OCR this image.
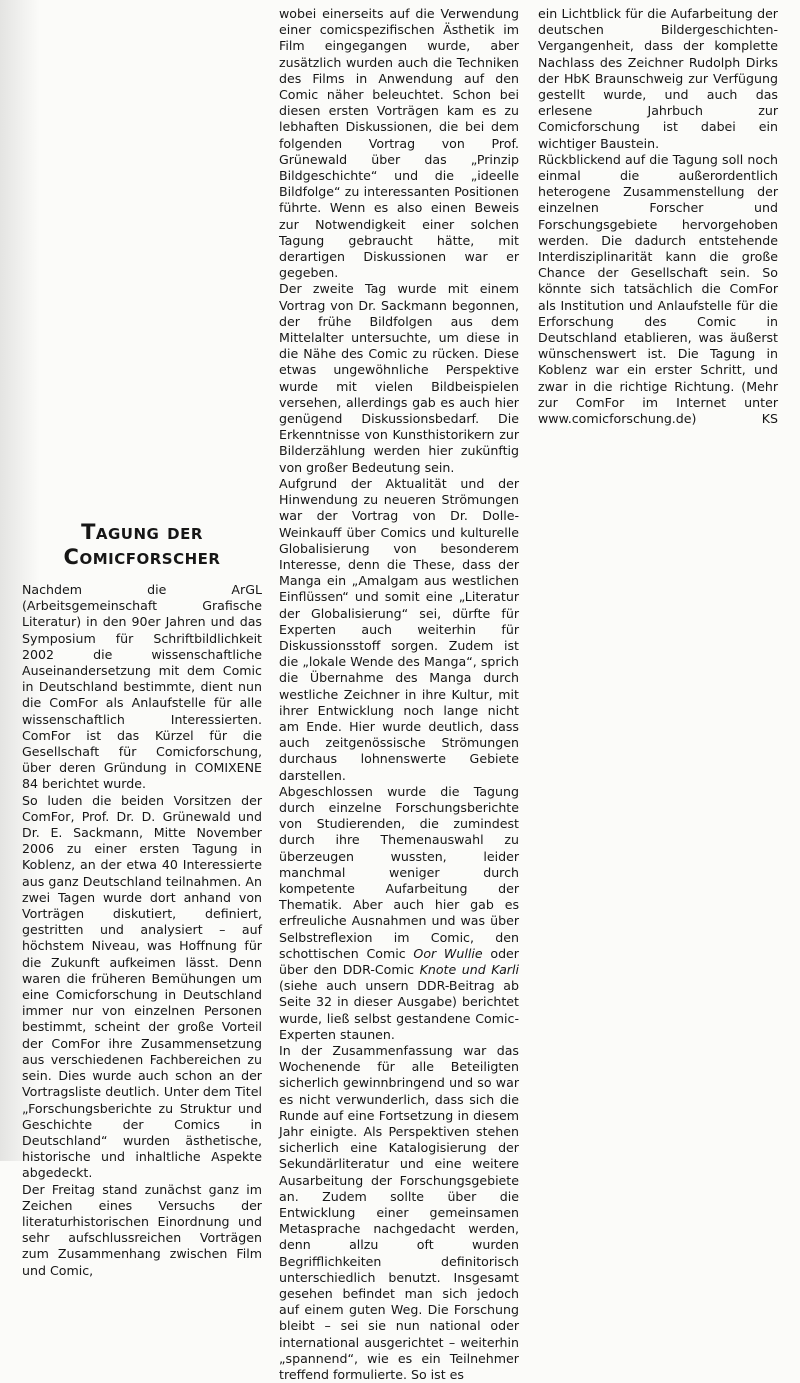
Tagung der
Comicforscher

Nachdem die ArGL (Arbeitsgemeinschaft Grafische Literatur) in den 90er Jahren und das Symposium für Schriftbildlichkeit 2002 die wissenschaftliche Auseinandersetzung mit dem Comic in Deutschland bestimmte, dient nun die ComFor als Anlaufstelle für alle wissenschaftlich Interessierten. ComFor ist das Kürzel für die Gesellschaft für Comicforschung, über deren Gründung in COMIXENE 84 berichtet wurde.

So luden die beiden Vorsitzen der ComFor, Prof. Dr. D. Grünewald und Dr. E. Sackmann, Mitte November 2006 zu einer ersten Tagung in Koblenz, an der etwa 40 Interessierte aus ganz Deutschland teilnahmen. An zwei Tagen wurde dort anhand von Vorträgen diskutiert, definiert, gestritten und analysiert – auf höchstem Niveau, was Hoffnung für die Zukunft aufkeimen lässt. Denn waren die früheren Bemühungen um eine Comicforschung in Deutschland immer nur von einzelnen Personen bestimmt, scheint der große Vorteil der ComFor ihre Zusammensetzung aus verschiedenen Fachbereichen zu sein. Dies wurde auch schon an der Vortragsliste deutlich. Unter dem Titel „Forschungsberichte zu Struktur und Geschichte der Comics in Deutschland“ wurden ästhetische, historische und inhaltliche Aspekte abgedeckt.

Der Freitag stand zunächst ganz im Zeichen eines Versuchs der literaturhistorischen Einordnung und sehr aufschlussreichen Vorträgen zum Zusammenhang zwischen Film und Comic,

wobei einerseits auf die Verwendung einer comicspezifischen Ästhetik im Film eingegangen wurde, aber zusätzlich wurden auch die Techniken des Films in Anwendung auf den Comic näher beleuchtet. Schon bei diesen ersten Vorträgen kam es zu lebhaften Diskussionen, die bei dem folgenden Vortrag von Prof. Grünewald über das „Prinzip Bildgeschichte“ und die „ideelle Bildfolge“ zu interessanten Positionen führte. Wenn es also einen Beweis zur Notwendigkeit einer solchen Tagung gebraucht hätte, mit derartigen Diskussionen war er gegeben.

Der zweite Tag wurde mit einem Vortrag von Dr. Sackmann begonnen, der frühe Bildfolgen aus dem Mittelalter untersuchte, um diese in die Nähe des Comic zu rücken. Diese etwas ungewöhnliche Perspektive wurde mit vielen Bildbeispielen versehen, allerdings gab es auch hier genügend Diskussionsbedarf. Die Erkenntnisse von Kunsthistorikern zur Bilderzählung werden hier zukünftig von großer Bedeutung sein.

Aufgrund der Aktualität und der Hinwendung zu neueren Strömungen war der Vortrag von Dr. Dolle-Weinkauff über Comics und kulturelle Globalisierung von besonderem Interesse, denn die These, dass der Manga ein „Amalgam aus westlichen Einflüssen“ und somit eine „Literatur der Globalisierung“ sei, dürfte für Experten auch weiterhin für Diskussionsstoff sorgen. Zudem ist die „lokale Wende des Manga“, sprich die Übernahme des Manga durch westliche Zeichner in ihre Kultur, mit ihrer Entwicklung noch lange nicht am Ende. Hier wurde deutlich, dass auch zeitgenössische Strömungen durchaus lohnenswerte Gebiete darstellen.

Abgeschlossen wurde die Tagung durch einzelne Forschungsberichte von Studierenden, die zumindest durch ihre Themenauswahl zu überzeugen wussten, leider manchmal weniger durch kompetente Aufarbeitung der Thematik. Aber auch hier gab es erfreuliche Ausnahmen und was über Selbstreflexion im Comic, den schottischen Comic Oor Wullie oder über den DDR-Comic Knote und Karli (siehe auch unsern DDR-Beitrag ab Seite 32 in dieser Ausgabe) berichtet wurde, ließ selbst gestandene Comic-Experten staunen.

In der Zusammenfassung war das Wochenende für alle Beteiligten sicherlich gewinnbringend und so war es nicht verwunderlich, dass sich die Runde auf eine Fortsetzung in diesem Jahr einigte. Als Perspektiven stehen sicherlich eine Katalogisierung der Sekundärliteratur und eine weitere Ausarbeitung der Forschungsgebiete an. Zudem sollte über die Entwicklung einer gemeinsamen Metasprache nachgedacht werden, denn allzu oft wurden Begrifflichkeiten definitorisch unterschiedlich benutzt. Insgesamt gesehen befindet man sich jedoch auf einem guten Weg. Die Forschung bleibt – sei sie nun national oder international ausgerichtet – weiterhin „spannend“, wie es ein Teilnehmer treffend formulierte. So ist es

ein Lichtblick für die Aufarbeitung der deutschen Bildergeschichten-Vergangenheit, dass der komplette Nachlass des Zeichner Rudolph Dirks der HbK Braunschweig zur Verfügung gestellt wurde, und auch das erlesene Jahrbuch zur Comicforschung ist dabei ein wichtiger Baustein.

Rückblickend auf die Tagung soll noch einmal die außerordentlich heterogene Zusammenstellung der einzelnen Forscher und Forschungsgebiete hervorgehoben werden. Die dadurch entstehende Interdisziplinarität kann die große Chance der Gesellschaft sein. So könnte sich tatsächlich die ComFor als Institution und Anlaufstelle für die Erforschung des Comic in Deutschland etablieren, was äußerst wünschenswert ist. Die Tagung in Koblenz war ein erster Schritt, und zwar in die richtige Richtung. (Mehr zur ComFor im Internet unter www.comicforschung.de)	KS
